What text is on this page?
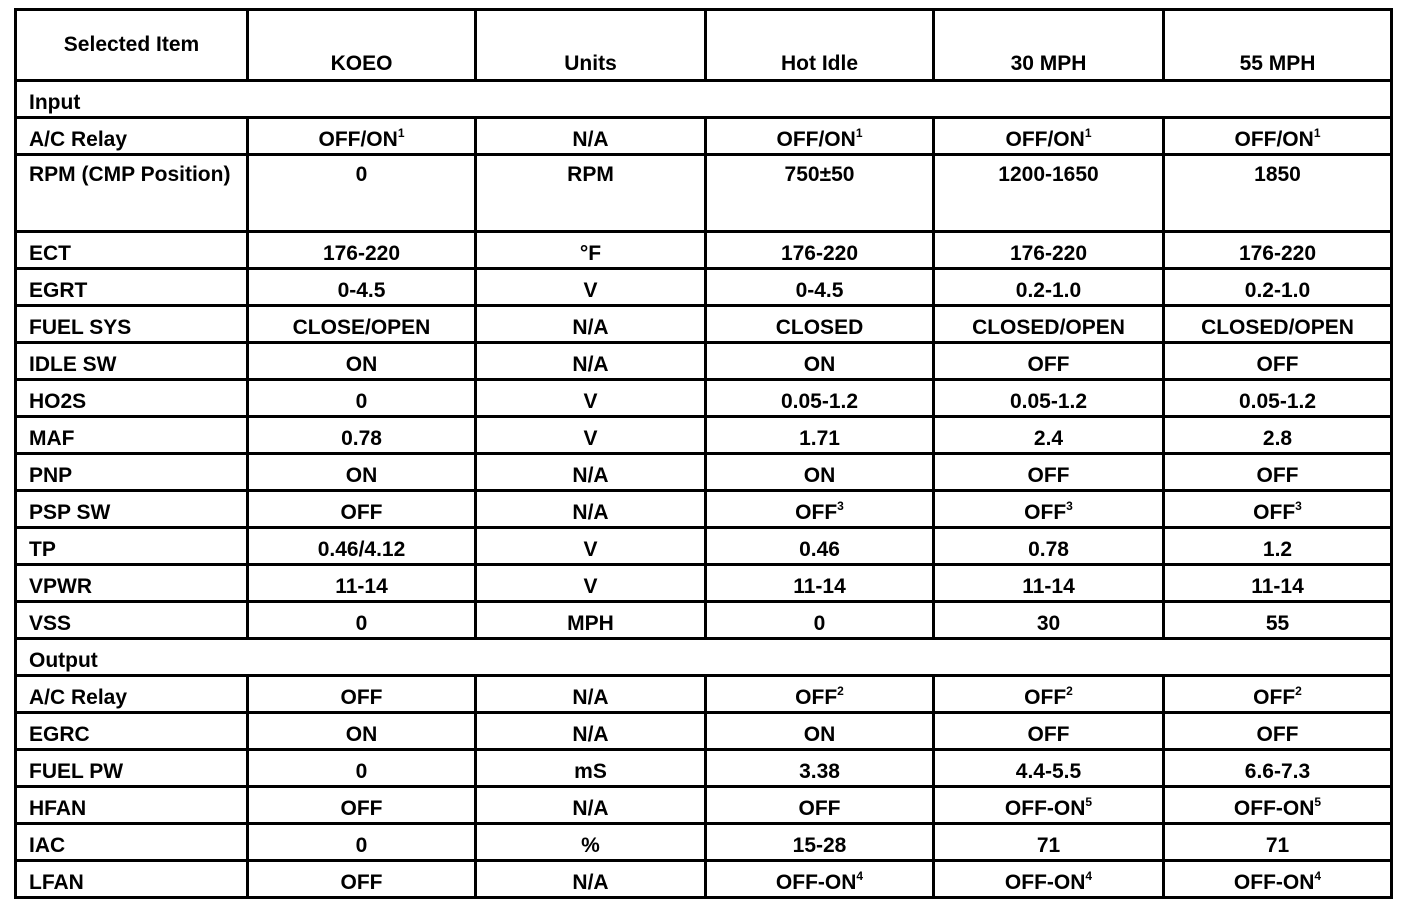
Selected Item	KOEO	Units	Hot Idle	30 MPH	55 MPH
Input					
A/C Relay	OFF/$ON^1$	N/A	OFF/$ON^1$	OFF/$ON^1$	OFF/$ON^1$
RPM (CMP Position)	0	RPM	750±50	1200-1650	1850
ECT	176-220	°F	176-220	176-220	176-220
EGRT	0-4.5	V	0-4.5	0.2-1.0	0.2-1.0
FUEL SYS	CLOSE/OPEN	N/A	CLOSED	CLOSED/OPEN	CLOSED/OPEN
IDLE SW	ON	N/A	ON	OFF	OFF
HO2S	0	V	0.05-1.2	0.05-1.2	0.05-1.2
MAF	0.78	V	1.71	2.4	2.8
PNP	ON	N/A	ON	OFF	OFF
PSP SW	OFF	N/A	OFF$^3$	OFF$^3$	OFF$^3$
TP	0.46/4.12	V	0.46	0.78	1.2
VPWR	11-14	V	11-14	11-14	11-14
VSS	0	MPH	0	30	55
Output					
A/C Relay	OFF	N/A	OFF$^2$	OFF$^2$	OFF$^2$
EGRC	ON	N/A	ON	OFF	OFF
FUEL PW	0	mS	3.38	4.4-5.5	6.6-7.3
HFAN	OFF	N/A	OFF	OFF-$ON^5$	OFF-$ON^5$
IAC	0	%	15-28	71	71
LFAN	OFF	N/A	OFF-$ON^4$	OFF-$ON^4$	OFF-$ON^4$
